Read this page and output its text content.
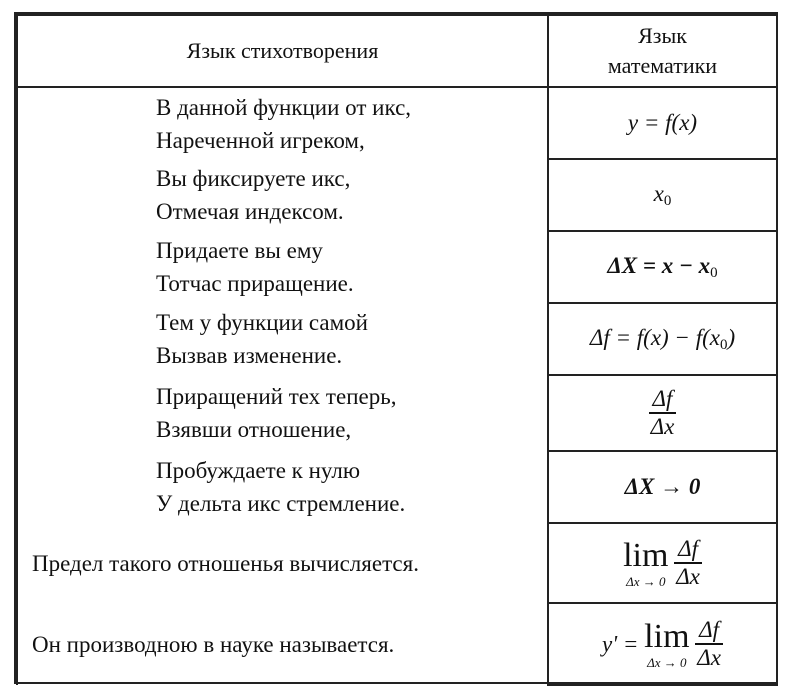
Язык стихотворения	Язык
математики

В данной функции от икс,
Нареченной игреком,	y = f(x)

Вы фиксируете икс,
Отмечая индексом.	x0

Придаете вы ему
Тотчас приращение.	ΔX = x − x0

Тем у функции самой
Вызвав изменение.	Δf = f(x) − f(x0)

Приращений тех теперь,
Взявши отношение,	$\frac{\Delta f}{\Delta x}$

Пробуждаете к нулю
У дельта икс стремление.	ΔX → 0

Предел такого отношенья вычисляется.	lim
Δx → 0
$\frac{\Delta f}{\Delta x}$

Он производною в науке называется.	y' = lim
Δx → 0
$\frac{\Delta f}{\Delta x}$
